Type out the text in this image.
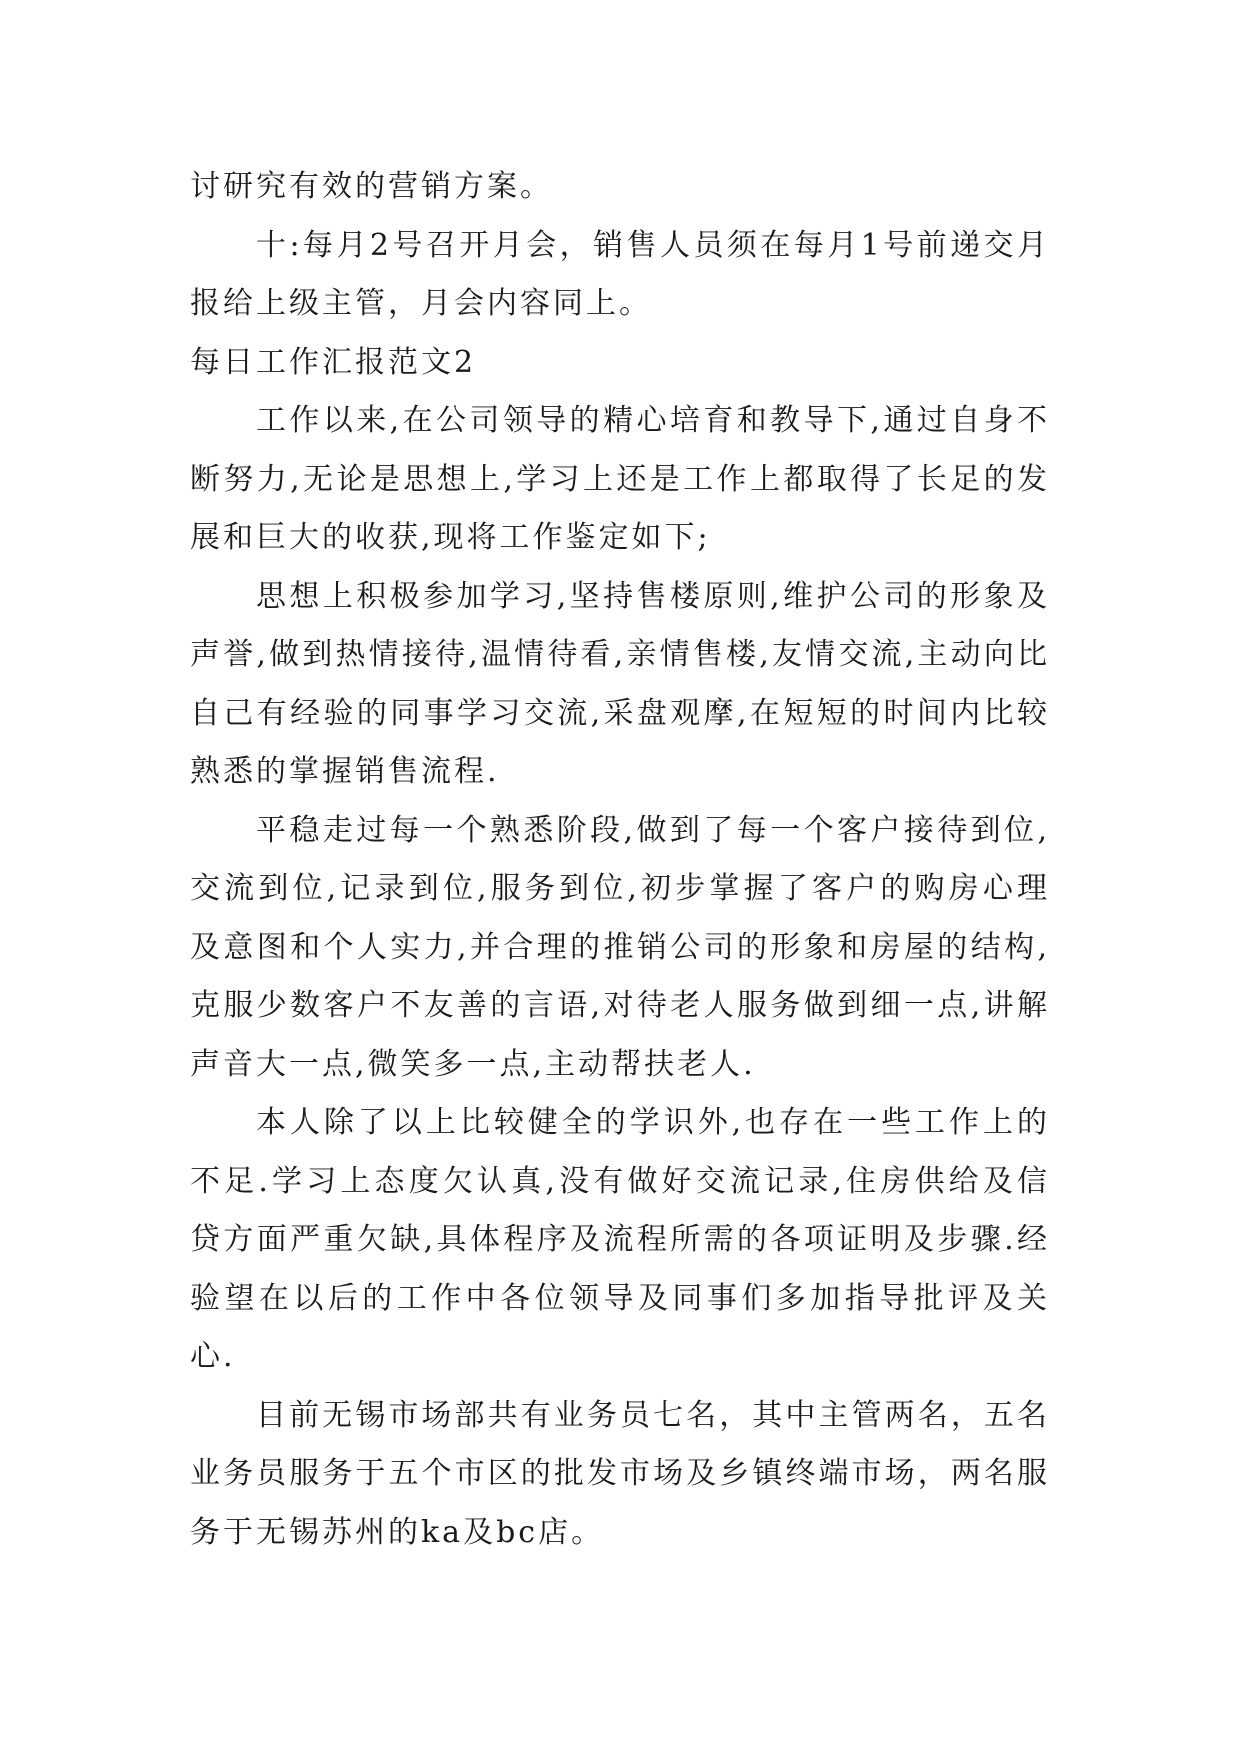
讨研究有效的营销方案。

十:每月2号召开月会，销售人员须在每月1号前递交月报给上级主管，月会内容同上。

每日工作汇报范文2

工作以来,在公司领导的精心培育和教导下,通过自身不断努力,无论是思想上,学习上还是工作上都取得了长足的发展和巨大的收获,现将工作鉴定如下;

思想上积极参加学习,坚持售楼原则,维护公司的形象及声誉,做到热情接待,温情待看,亲情售楼,友情交流,主动向比自己有经验的同事学习交流,采盘观摩,在短短的时间内比较熟悉的掌握销售流程.

平稳走过每一个熟悉阶段,做到了每一个客户接待到位,交流到位,记录到位,服务到位,初步掌握了客户的购房心理及意图和个人实力,并合理的推销公司的形象和房屋的结构,克服少数客户不友善的言语,对待老人服务做到细一点,讲解声音大一点,微笑多一点,主动帮扶老人.

本人除了以上比较健全的学识外,也存在一些工作上的不足.学习上态度欠认真,没有做好交流记录,住房供给及信贷方面严重欠缺,具体程序及流程所需的各项证明及步骤.经验望在以后的工作中各位领导及同事们多加指导批评及关心.

目前无锡市场部共有业务员七名，其中主管两名，五名业务员服务于五个市区的批发市场及乡镇终端市场，两名服务于无锡苏州的ka及bc店。
